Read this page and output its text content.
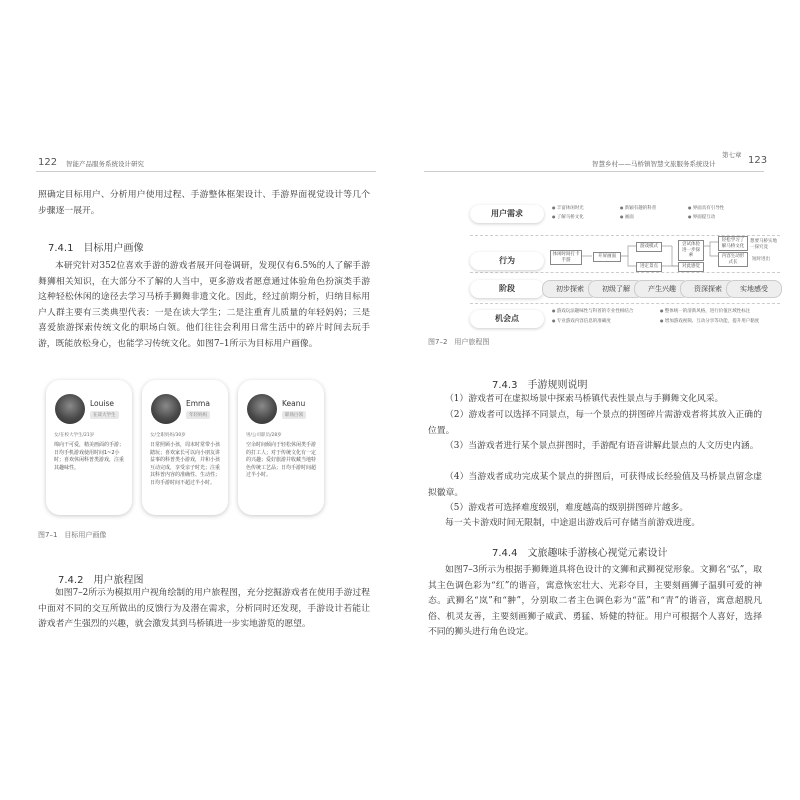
122 智能产品服务系统设计研究
照确定目标用户、分析用户使用过程、手游整体框架设计、手游界面视觉设计等几个步骤逐一展开。
7.4.1　目标用户画像
本研究针对352位喜欢手游的游戏者展开问卷调研，发现仅有6.5%的人了解手游舞狮相关知识，在大部分不了解的人当中，更多游戏者愿意通过体验角色扮演类手游这种轻松休闲的途径去学习马桥手狮舞非遗文化。因此，经过前期分析，归纳目标用户人群主要有三类典型代表：一是在读大学生；二是注重育儿质量的年轻妈妈；三是喜爱旅游探索传统文化的职场白领。他们往往会利用日常生活中的碎片时间去玩手游，既能放松身心，也能学习传统文化。如图7–1所示为目标用户画像。
Louise
在读大学生
女/在校大学生/21岁
绵向干可爱，精美画面的手游；日均手机游戏使用时间1~2小时；喜欢休闲科普类游戏，注重其趣味性。
Emma
年轻妈妈
女/全职妈妈/30岁
日常照顾小孩，周末时常带小孩踏玩；喜欢家长可以向小朋友讲益事的科普类小游戏，并和小孩互动完成，享受亲子时光；注重其科普内容的准确性、生动性；日均手游时间不超过半小时。
Keanu
职场白领
男/公司职员/28岁
空余时间倾向于轻松休闲类手游的打工人；对于传统文化有一定的兴趣；爱好旅游并收藏当地特色传统工艺品；日均手游时间超过半小时。
图7–1　目标用户画像
7.4.2　用户旅程图
如图7–2所示为模拟用户视角绘制的用户旅程图，充分挖掘游戏者在使用手游过程中面对不同的交互所做出的反馈行为及潜在需求，分析同时还发现，手游设计若能让游戏者产生强烈的兴趣，就会激发其到马桥镇进一步实地游览的愿望。
第七章
智慧乡村——马桥镇智慧文旅服务系统设计	123
用户需求
行为
阶段
机会点
● 丰富休闲时光
● 了解马桥文化
● 新颖有趣的科普
● 画面
● 界面具有引导性
● 界面提互动
体闲时间打卡手游
开屏画面
游戏模式
进定景点
尝试体验进一步探索
轻松学习了解马桥文化
内容生动形式长
对此感觉
想要马桥实地一探究竟
短时进出
初步探索	初级了解	产生兴趣	资深探索	实地感受
● 游戏玩法趣味性与科普的专业性相结合
● 专业游戏内容信息的准确度
● 整体统一的清新风格，进行价值区域性标注
● 增加游戏视频、互动分享等功能，提升用户黏度
图7–2　用户旅程图
7.4.3　手游规则说明
（1）游戏者可在虚拟场景中探索马桥镇代表性景点与手狮舞文化风采。
（2）游戏者可以选择不同景点，每一个景点的拼图碎片需游戏者将其放入正确的位置。
（3）当游戏者进行某个景点拼图时，手游配有语音讲解此景点的人文历史内涵。
（4）当游戏者成功完成某个景点的拼图后，可获得成长经验值及马桥景点留念虚拟徽章。
（5）游戏者可选择难度级别，难度越高的级别拼图碎片越多。
每一关卡游戏时间无限制，中途退出游戏后可存储当前游戏进度。
7.4.4　文旅趣味手游核心视觉元素设计
如图7–3所示为根据手狮舞道具将色设计的文狮和武狮视觉形象。文狮名“弘”，取其主色调色彩为“红”的谐音，寓意恢宏壮大、光彩夺目，主要刻画狮子温驯可爱的神态。武狮名“岚”和“翀”，分别取二者主色调色彩为“蓝”和“青”的谐音，寓意超脱凡俗、机灵友善，主要刻画狮子威武、勇猛、矫健的特征。用户可根据个人喜好，选择不同的狮头进行角色设定。
